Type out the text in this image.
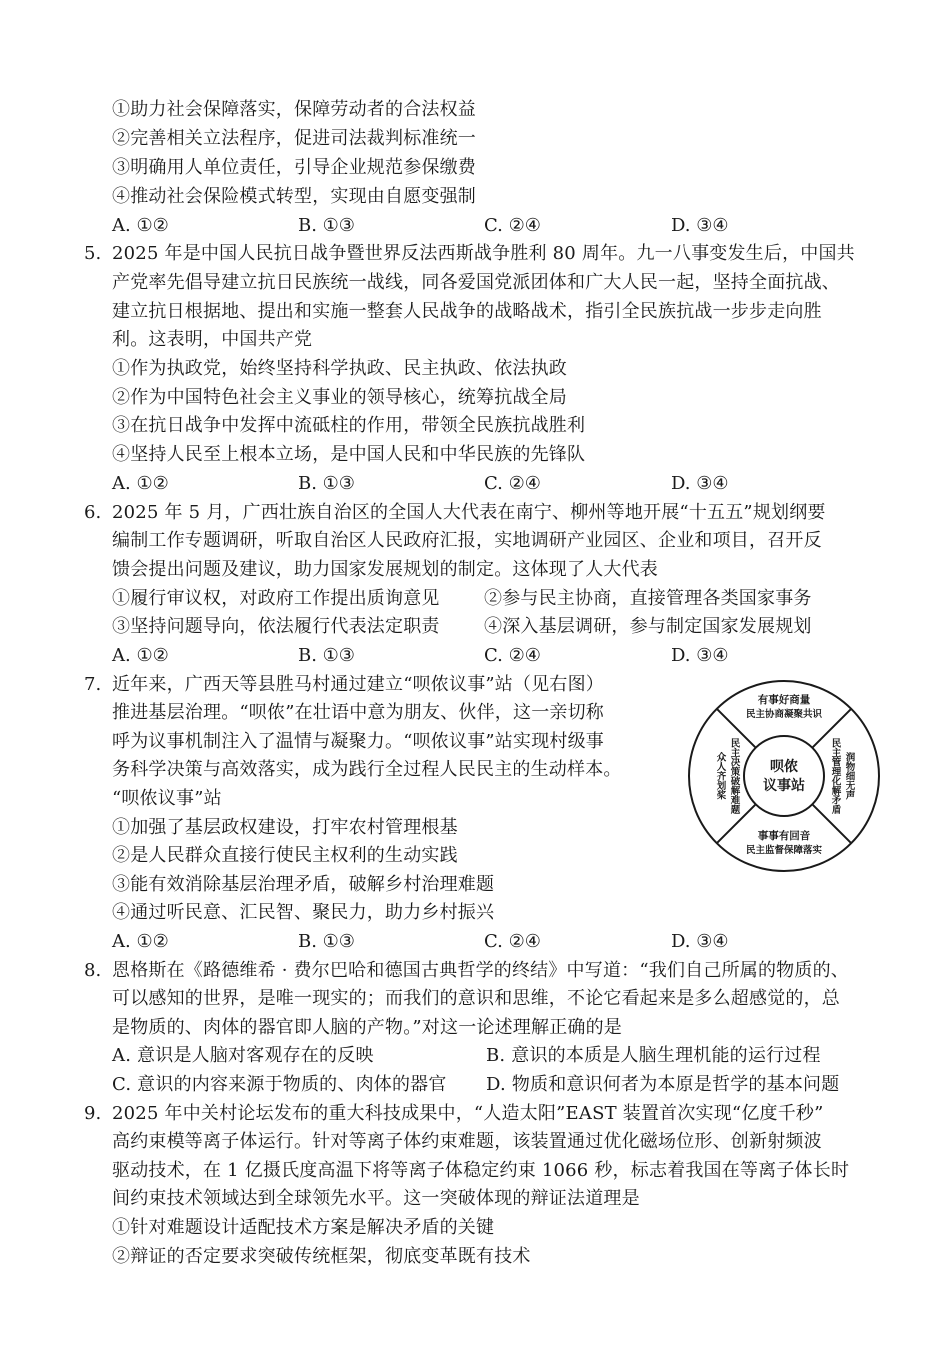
①助力社会保障落实，保障劳动者的合法权益
②完善相关立法程序，促进司法裁判标准统一
③明确用人单位责任，引导企业规范参保缴费
④推动社会保险模式转型，实现由自愿变强制
A. ①②	B. ①③	C. ②④	D. ③④
5. 2025 年是中国人民抗日战争暨世界反法西斯战争胜利 80 周年。九一八事变发生后，中国共
产党率先倡导建立抗日民族统一战线，同各爱国党派团体和广大人民一起，坚持全面抗战、
建立抗日根据地、提出和实施一整套人民战争的战略战术，指引全民族抗战一步步走向胜
利。这表明，中国共产党
①作为执政党，始终坚持科学执政、民主执政、依法执政
②作为中国特色社会主义事业的领导核心，统筹抗战全局
③在抗日战争中发挥中流砥柱的作用，带领全民族抗战胜利
④坚持人民至上根本立场，是中国人民和中华民族的先锋队
A. ①②	B. ①③	C. ②④	D. ③④
6. 2025 年 5 月，广西壮族自治区的全国人大代表在南宁、柳州等地开展“十五五”规划纲要
编制工作专题调研，听取自治区人民政府汇报，实地调研产业园区、企业和项目，召开反
馈会提出问题及建议，助力国家发展规划的制定。这体现了人大代表
①履行审议权，对政府工作提出质询意见 ②参与民主协商，直接管理各类国家事务
③坚持问题导向，依法履行代表法定职责 ④深入基层调研，参与制定国家发展规划
A. ①②	B. ①③	C. ②④	D. ③④
7. 近年来，广西天等县胜马村通过建立“呗侬议事”站（见右图）
推进基层治理。“呗侬”在壮语中意为朋友、伙伴，这一亲切称
呼为议事机制注入了温情与凝聚力。“呗侬议事”站实现村级事
务科学决策与高效落实，成为践行全过程人民民主的生动样本。
“呗侬议事”站
①加强了基层政权建设，打牢农村管理根基
②是人民群众直接行使民主权利的生动实践
③能有效消除基层治理矛盾，破解乡村治理难题
④通过听民意、汇民智、聚民力，助力乡村振兴
A. ①②	B. ①③	C. ②④	D. ③④
呗侬
议事站
有事好商量
民主协商凝聚共识
润物细无声
民主管理化解矛盾
事事有回音
民主监督保障落实
众人齐划桨 民主决策破解难题
8. 恩格斯在《路德维希 · 费尔巴哈和德国古典哲学的终结》中写道：“我们自己所属的物质的、
可以感知的世界，是唯一现实的；而我们的意识和思维，不论它看起来是多么超感觉的，总
是物质的、肉体的器官即人脑的产物。”对这一论述理解正确的是
A. 意识是人脑对客观存在的反映	B. 意识的本质是人脑生理机能的运行过程
C. 意识的内容来源于物质的、肉体的器官 D. 物质和意识何者为本原是哲学的基本问题
9. 2025 年中关村论坛发布的重大科技成果中，“人造太阳”EAST 装置首次实现“亿度千秒”
高约束模等离子体运行。针对等离子体约束难题，该装置通过优化磁场位形、创新射频波
驱动技术，在 1 亿摄氏度高温下将等离子体稳定约束 1066 秒，标志着我国在等离子体长时
间约束技术领域达到全球领先水平。这一突破体现的辩证法道理是
①针对难题设计适配技术方案是解决矛盾的关键
②辩证的否定要求突破传统框架，彻底变革既有技术
